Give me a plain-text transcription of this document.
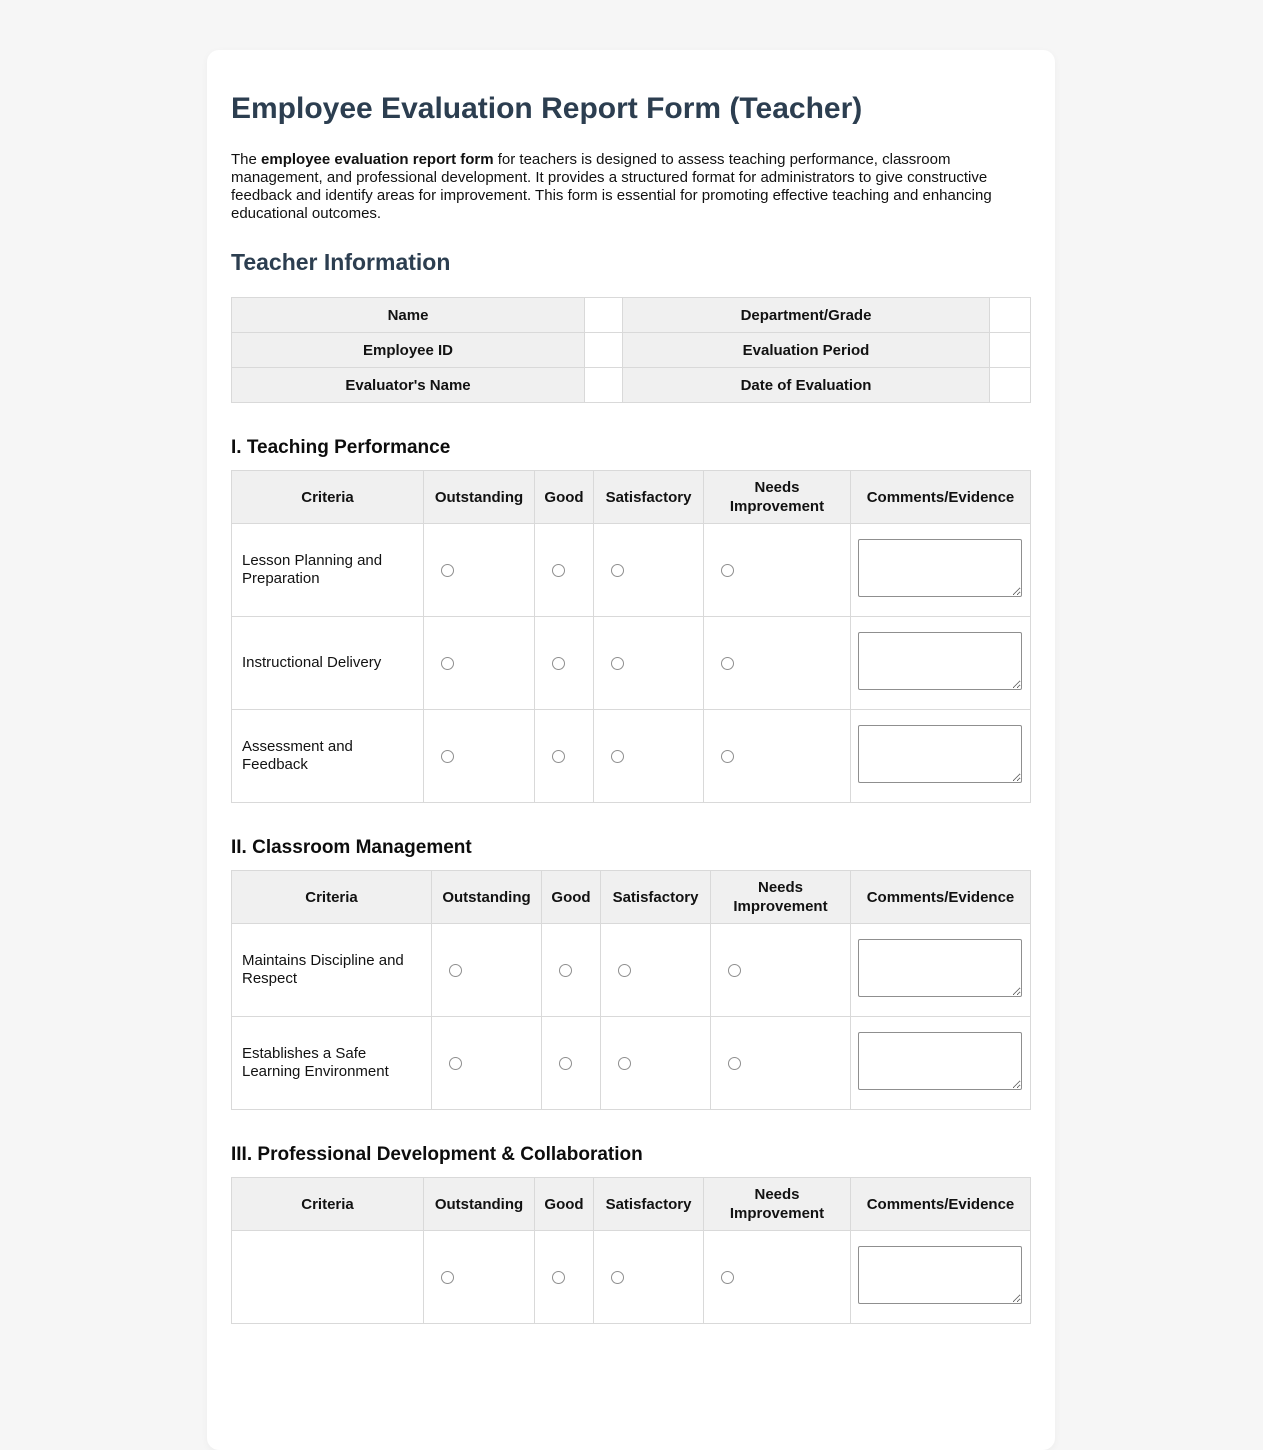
Employee Evaluation Report Form (Teacher)

The employee evaluation report form for teachers is designed to assess teaching performance, classroom management, and professional development. It provides a structured format for administrators to give constructive feedback and identify areas for improvement. This form is essential for promoting effective teaching and enhancing educational outcomes.

Teacher Information
Name		Department/Grade	
Employee ID		Evaluation Period	
Evaluator's Name		Date of Evaluation	
I. Teaching Performance
Criteria	Outstanding	Good	Satisfactory	Needs Improvement	Comments/Evidence
Lesson Planning and Preparation					
Instructional Delivery					
Assessment and Feedback					
II. Classroom Management
Criteria	Outstanding	Good	Satisfactory	Needs Improvement	Comments/Evidence
Maintains Discipline and Respect					
Establishes a Safe Learning Environment					
III. Professional Development & Collaboration
Criteria	Outstanding	Good	Satisfactory	Needs Improvement	Comments/Evidence
